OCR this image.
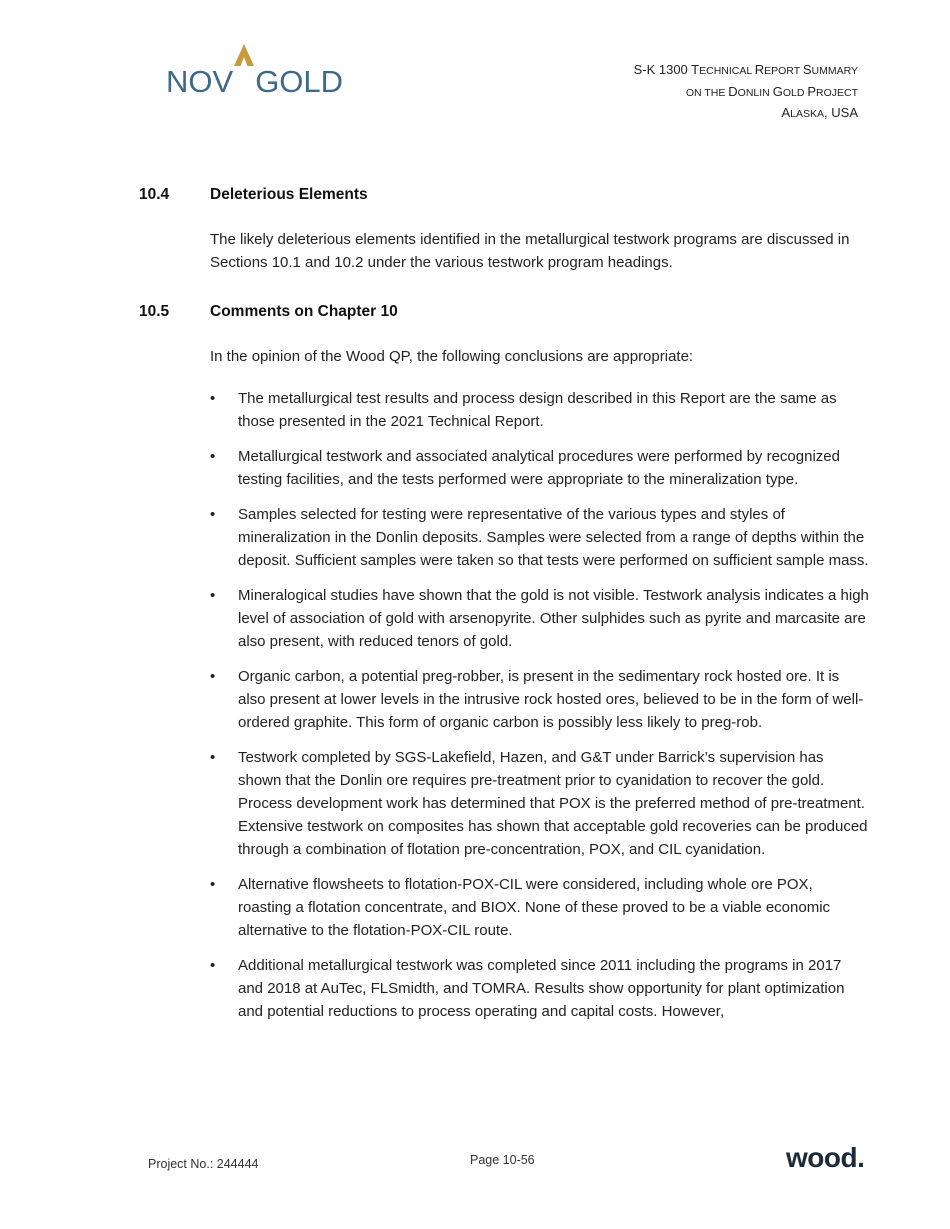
NOV GOLD	S-K 1300 TECHNICAL REPORT SUMMARY
ON THE DONLIN GOLD PROJECT
ALASKA, USA
10.4	Deleterious Elements
The likely deleterious elements identified in the metallurgical testwork programs are discussed in Sections 10.1 and 10.2 under the various testwork program headings.
10.5	Comments on Chapter 10
In the opinion of the Wood QP, the following conclusions are appropriate:
• The metallurgical test results and process design described in this Report are the same as those presented in the 2021 Technical Report.
• Metallurgical testwork and associated analytical procedures were performed by recognized testing facilities, and the tests performed were appropriate to the mineralization type.
• Samples selected for testing were representative of the various types and styles of mineralization in the Donlin deposits. Samples were selected from a range of depths within the deposit. Sufficient samples were taken so that tests were performed on sufficient sample mass.
• Mineralogical studies have shown that the gold is not visible. Testwork analysis indicates a high level of association of gold with arsenopyrite. Other sulphides such as pyrite and marcasite are also present, with reduced tenors of gold.
• Organic carbon, a potential preg-robber, is present in the sedimentary rock hosted ore. It is also present at lower levels in the intrusive rock hosted ores, believed to be in the form of well-ordered graphite. This form of organic carbon is possibly less likely to preg-rob.
• Testwork completed by SGS-Lakefield, Hazen, and G&T under Barrick’s supervision has shown that the Donlin ore requires pre-treatment prior to cyanidation to recover the gold. Process development work has determined that POX is the preferred method of pre-treatment. Extensive testwork on composites has shown that acceptable gold recoveries can be produced through a combination of flotation pre-concentration, POX, and CIL cyanidation.
• Alternative flowsheets to flotation-POX-CIL were considered, including whole ore POX, roasting a flotation concentrate, and BIOX. None of these proved to be a viable economic alternative to the flotation-POX-CIL route.
• Additional metallurgical testwork was completed since 2011 including the programs in 2017 and 2018 at AuTec, FLSmidth, and TOMRA. Results show opportunity for plant optimization and potential reductions to process operating and capital costs. However,
Project No.: 244444	Page 10-56	wood.
